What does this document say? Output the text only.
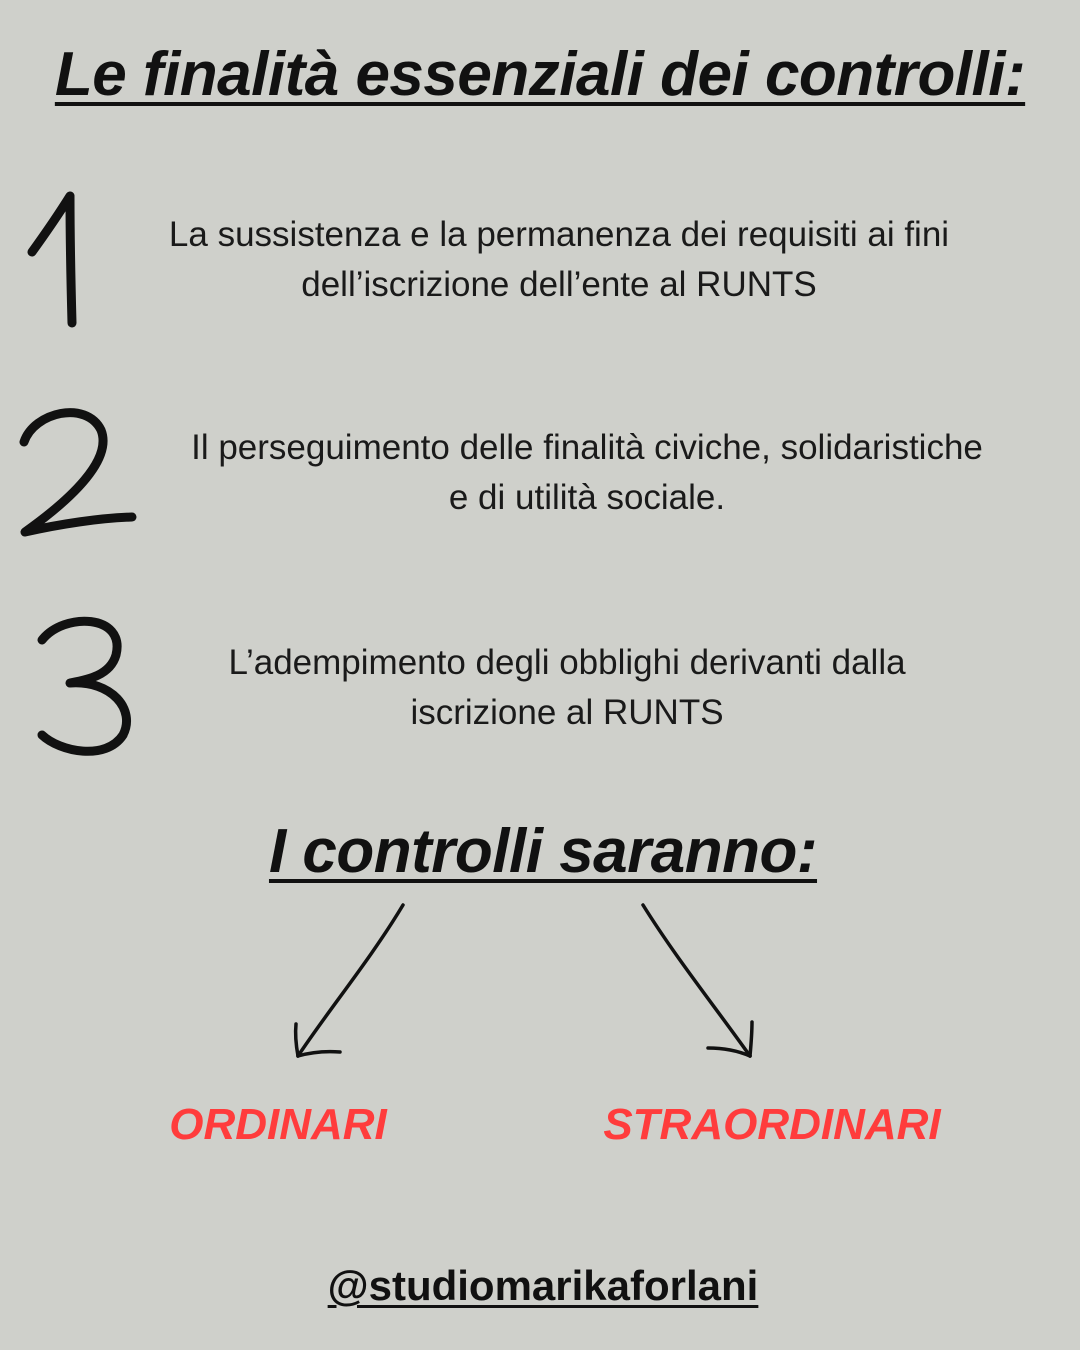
Le finalità essenziali dei controlli:
La sussistenza e la permanenza dei requisiti ai fini
dell’iscrizione dell’ente al RUNTS
Il perseguimento delle finalità civiche, solidaristiche
e di utilità sociale.
L’adempimento degli obblighi derivanti dalla
iscrizione al RUNTS
I controlli saranno:
ORDINARI	STRAORDINARI
@studiomarikaforlani
